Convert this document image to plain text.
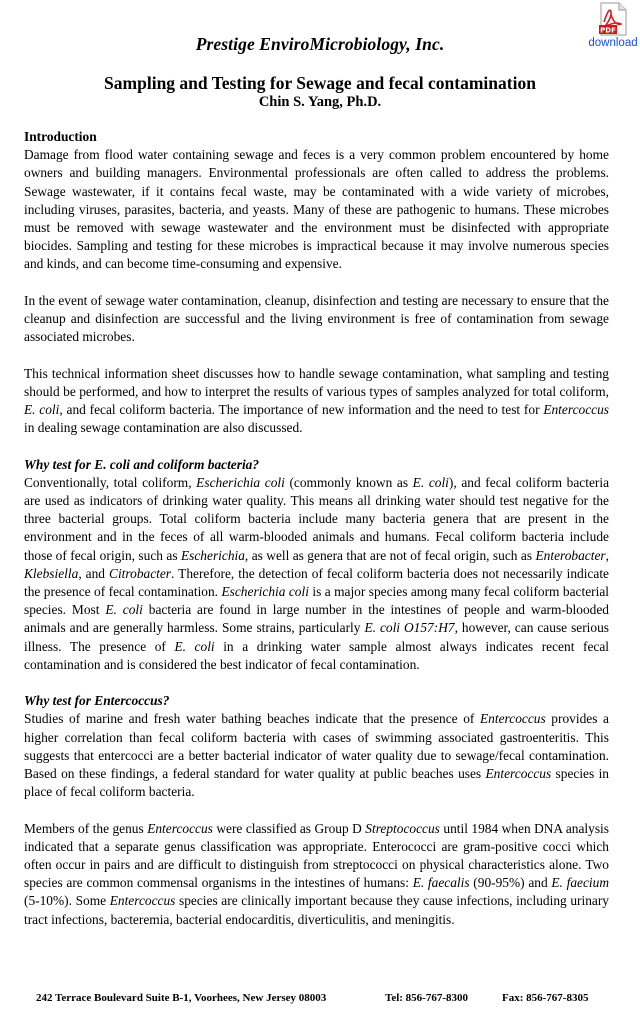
Prestige EnviroMicrobiology, Inc.
PDF
download
Sampling and Testing for Sewage and fecal contamination
Chin S. Yang, Ph.D.
Introduction

Damage from flood water containing sewage and feces is a very common problem encountered by home owners and building managers. Environmental professionals are often called to address the problems. Sewage wastewater, if it contains fecal waste, may be contaminated with a wide variety of microbes, including viruses, parasites, bacteria, and yeasts. Many of these are pathogenic to humans. These microbes must be removed with sewage wastewater and the environment must be disinfected with appropriate biocides. Sampling and testing for these microbes is impractical because it may involve numerous species and kinds, and can become time-consuming and expensive.

In the event of sewage water contamination, cleanup, disinfection and testing are necessary to ensure that the cleanup and disinfection are successful and the living environment is free of contamination from sewage associated microbes.

This technical information sheet discusses how to handle sewage contamination, what sampling and testing should be performed, and how to interpret the results of various types of samples analyzed for total coliform, E. coli, and fecal coliform bacteria. The importance of new information and the need to test for Entercoccus in dealing sewage contamination are also discussed.

Why test for E. coli and coliform bacteria?

Conventionally, total coliform, Escherichia coli (commonly known as E. coli), and fecal coliform bacteria are used as indicators of drinking water quality. This means all drinking water should test negative for the three bacterial groups. Total coliform bacteria include many bacteria genera that are present in the environment and in the feces of all warm-blooded animals and humans. Fecal coliform bacteria include those of fecal origin, such as Escherichia, as well as genera that are not of fecal origin, such as Enterobacter, Klebsiella, and Citrobacter. Therefore, the detection of fecal coliform bacteria does not necessarily indicate the presence of fecal contamination. Escherichia coli is a major species among many fecal coliform bacterial species. Most E. coli bacteria are found in large number in the intestines of people and warm-blooded animals and are generally harmless. Some strains, particularly E. coli O157:H7, however, can cause serious illness. The presence of E. coli in a drinking water sample almost always indicates recent fecal contamination and is considered the best indicator of fecal contamination.

Why test for Entercoccus?

Studies of marine and fresh water bathing beaches indicate that the presence of Entercoccus provides a higher correlation than fecal coliform bacteria with cases of swimming associated gastroenteritis. This suggests that entercocci are a better bacterial indicator of water quality due to sewage/fecal contamination. Based on these findings, a federal standard for water quality at public beaches uses Entercoccus species in place of fecal coliform bacteria.

Members of the genus Entercoccus were classified as Group D Streptococcus until 1984 when DNA analysis indicated that a separate genus classification was appropriate. Enterococci are gram-positive cocci which often occur in pairs and are difficult to distinguish from streptococci on physical characteristics alone. Two species are common commensal organisms in the intestines of humans: E. faecalis (90-95%) and E. faecium (5-10%). Some Entercoccus species are clinically important because they cause infections, including urinary tract infections, bacteremia, bacterial endocarditis, diverticulitis, and meningitis.

242 Terrace Boulevard Suite B-1, Voorhees, New Jersey 08003	Tel: 856-767-8300	Fax: 856-767-8305
